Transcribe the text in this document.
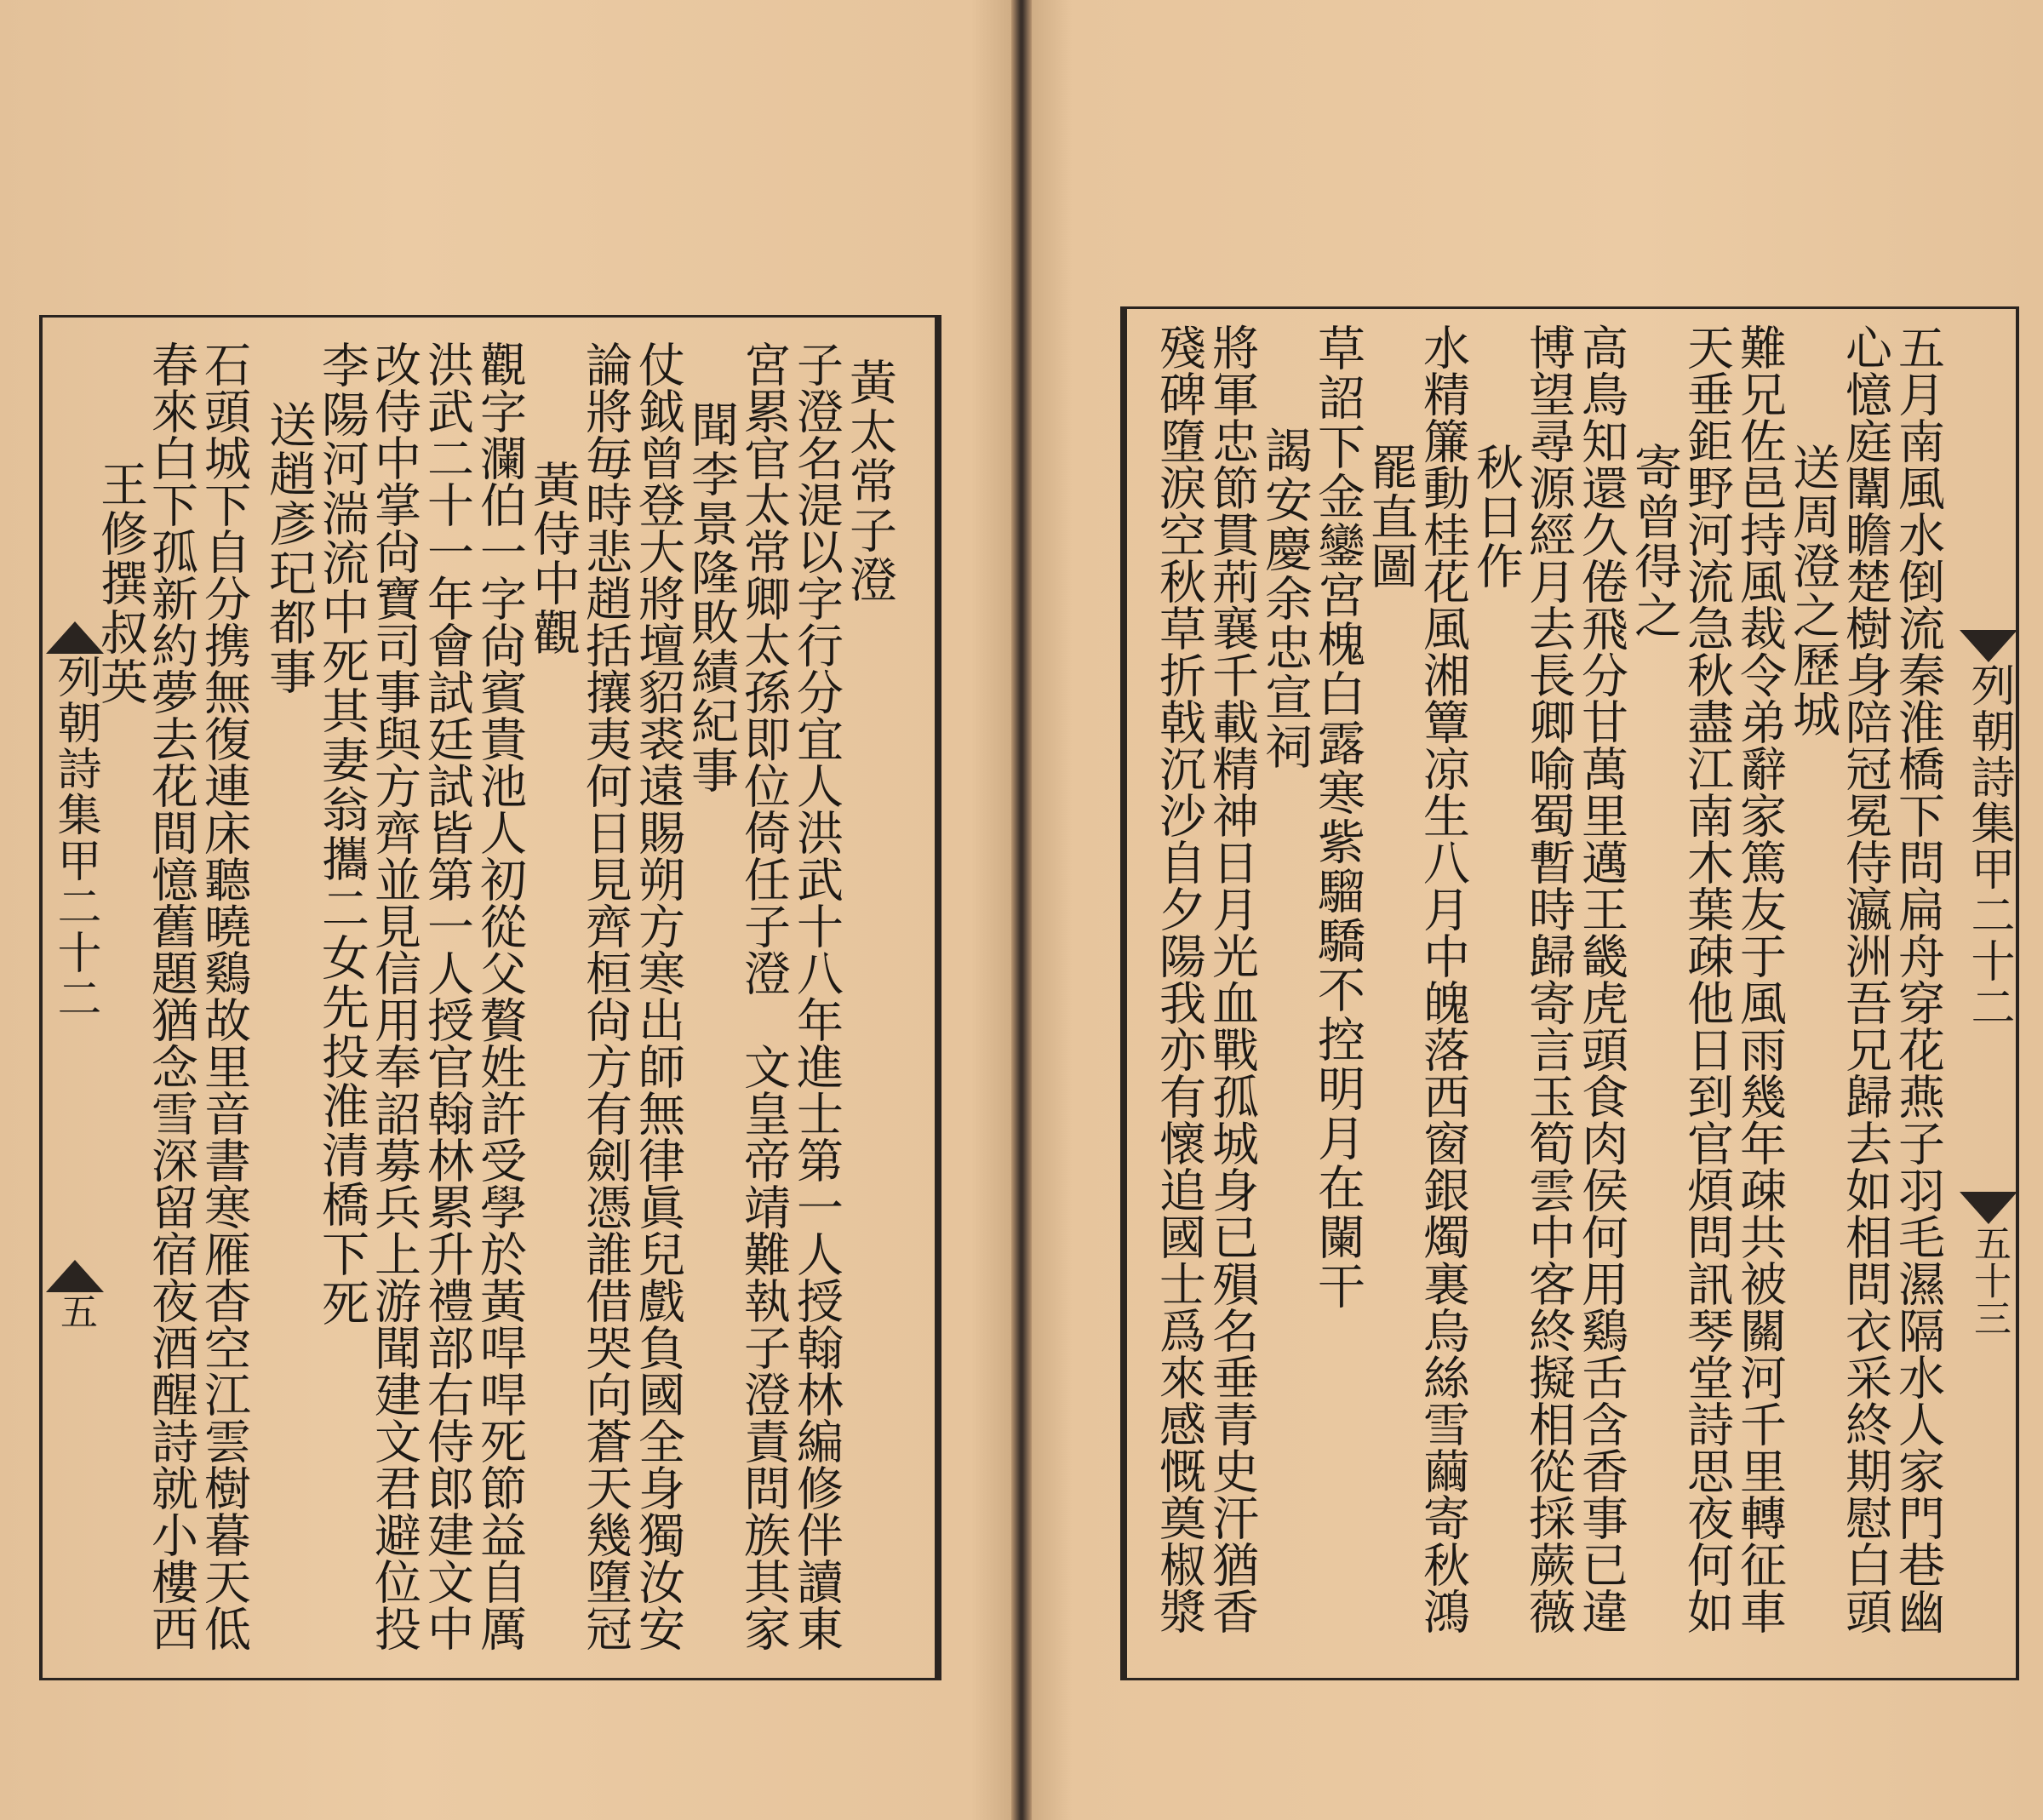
列朝詩集甲二十二
五
黃太常子澄
子澄名湜以字行分宜人洪武十八年進士第一人授翰林編修伴讀東
宮累官太常卿太孫即位倚任子澄　文皇帝靖難執子澄責問族其家
聞李景隆敗績紀事
仗鉞曾登大將壇貂裘遠賜朔方寒出師無律眞兒戲負國全身獨汝安
論將毎時悲趙括攘夷何日見齊桓尙方有劍憑誰借哭向蒼天幾墮冠
黃侍中觀
觀字瀾伯一字尙賓貴池人初從父贅姓許受學於黃哻哻死節益自厲
洪武二十一年會試廷試皆第一人授官翰林累升禮部右侍郎建文中
改侍中掌尙寶司事與方齊並見信用奉詔募兵上游聞建文君避位投
李陽河湍流中死其妻翁攜二女先投淮清橋下死
送趙彥玘都事
石頭城下自分携無復連床聽曉鷄故里音書寒雁杳空江雲樹暮天低
春來白下孤新約夢去花間憶舊題猶念雪深留宿夜酒醒詩就小樓西
王修撰叔英
列朝詩集甲二十二
五十三
五月南風水倒流秦淮橋下問扁舟穿花燕子羽毛濕隔水人家門巷幽
心憶庭闈瞻楚樹身陪冠冕侍瀛洲吾兄歸去如相問衣采終期慰白頭
送周澄之歷城
難兄佐邑持風裁令弟辭家篤友于風雨幾年疎共被關河千里轉征車
天垂鉅野河流急秋盡江南木葉疎他日到官煩問訊琴堂詩思夜何如
寄曾得之
高鳥知還久倦飛分甘萬里邁王畿虎頭食肉侯何用鷄舌含香事已違
博望尋源經月去長卿喻蜀暫時歸寄言玉筍雲中客終擬相從採蕨薇
秋日作
水精簾動桂花風湘簟凉生八月中魄落西窗銀燭裏烏絲雪繭寄秋鴻
罷直圖
草詔下金鑾宮槐白露寒紫騮驕不控明月在闌干
謁安慶余忠宣祠
將軍忠節貫荊襄千載精神日月光血戰孤城身已殞名垂青史汗猶香
殘碑墮淚空秋草折戟沉沙自夕陽我亦有懷追國士爲來感慨奠椒漿
